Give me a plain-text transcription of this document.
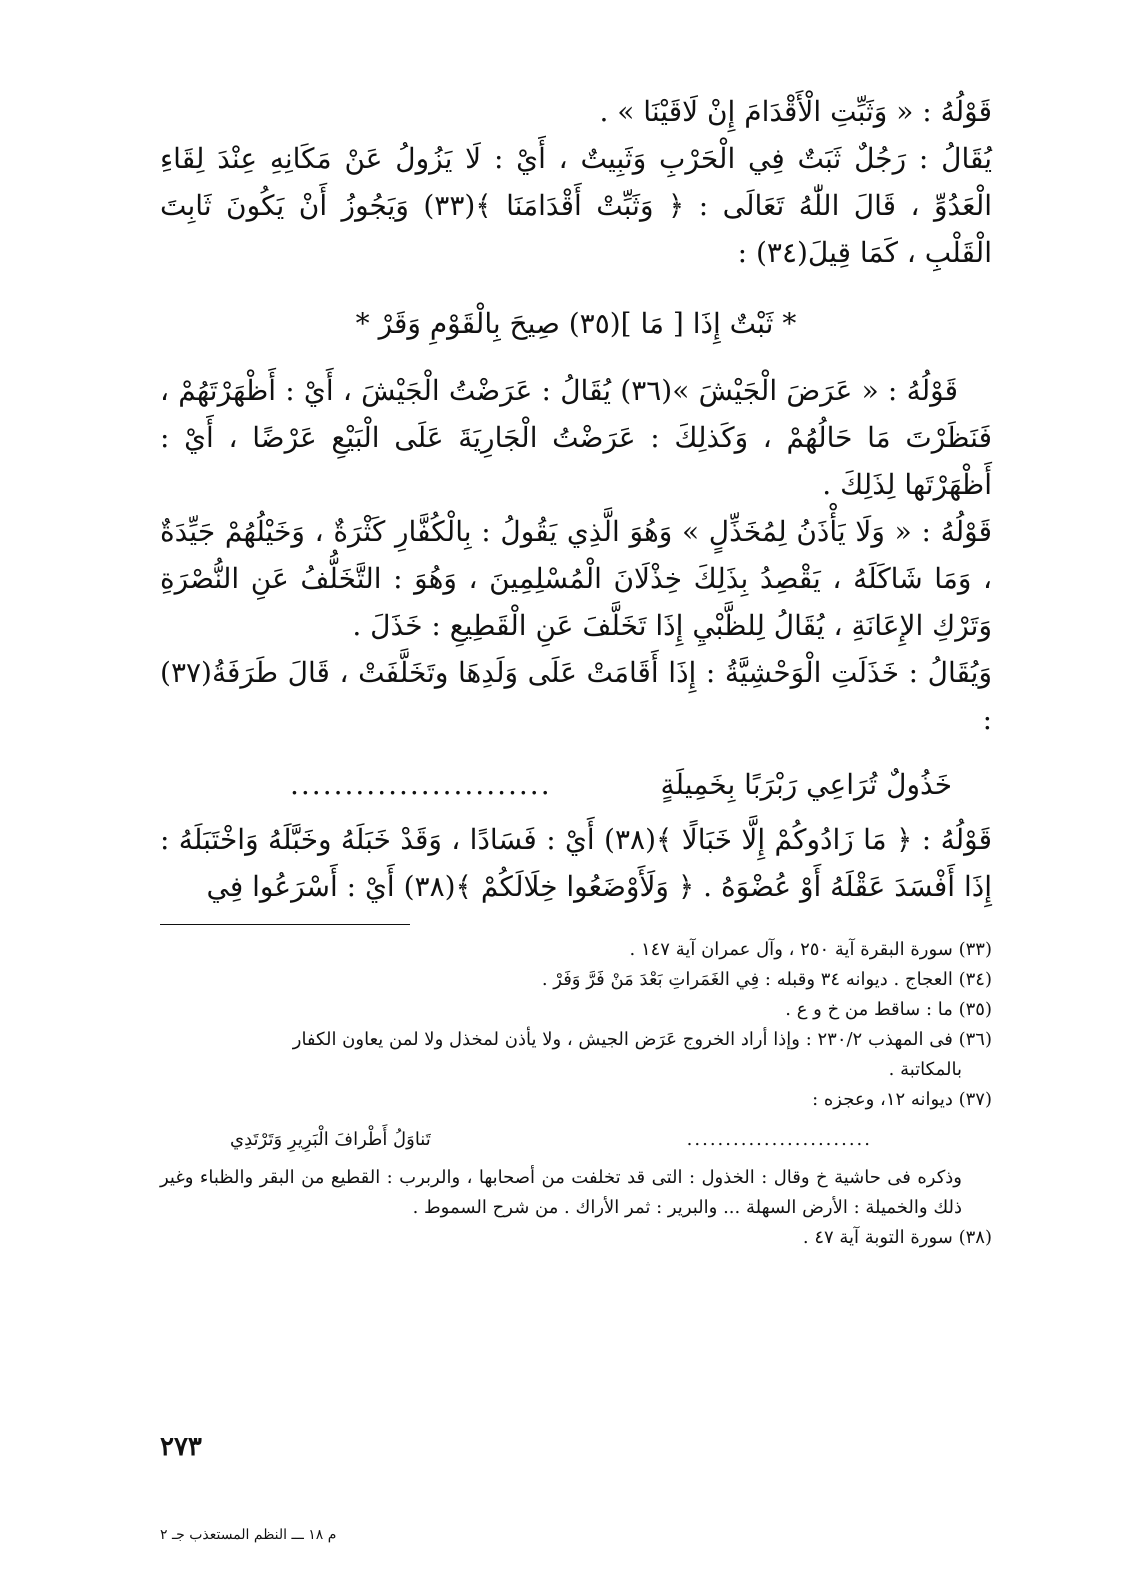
قَوْلُهُ : « وَثَبِّتِ الْأَقْدَامَ إِنْ لَاقَيْنَا » .

يُقَالُ : رَجُلٌ ثَبَتٌ فِي الْحَرْبِ وَثَبِيتٌ ، أَيْ : لَا يَزُولُ عَنْ مَكَانِهِ عِنْدَ لِقَاءِ الْعَدُوِّ ، قَالَ اللّٰهُ تَعَالَى : ﴿ وَثَبِّتْ أَقْدَامَنَا ﴾(٣٣) وَيَجُوزُ أَنْ يَكُونَ ثَابِتَ الْقَلْبِ ، كَمَا قِيلَ(٣٤) :

* ثَبْتٌ إِذَا [ مَا ](٣٥) صِيحَ بِالْقَوْمِ وَقَرْ *

قَوْلُهُ : « عَرَضَ الْجَيْشَ »(٣٦) يُقَالُ : عَرَضْتُ الْجَيْشَ ، أَيْ : أَظْهَرْتَهُمْ ، فَنَظَرْتَ مَا حَالُهُمْ ، وَكَذلِكَ : عَرَضْتُ الْجَارِيَةَ عَلَى الْبَيْعِ عَرْضًا ، أَيْ : أَظْهَرْتَها لِذَلِكَ .

قَوْلُهُ : « وَلَا يَأْذَنُ لِمُخَذِّلٍ » وَهُوَ الَّذِي يَقُولُ : بِالْكُفَّارِ كَثْرَةٌ ، وَخَيْلُهُمْ جَيِّدَةٌ ، وَمَا شَاكَلَهُ ، يَقْصِدُ بِذَلِكَ خِذْلَانَ الْمُسْلِمِينَ ، وَهُوَ : التَّخَلُّفُ عَنِ النُّصْرَةِ وَتَرْكِ الإِعَانَةِ ، يُقَالُ لِلظَّبْيِ إِذَا تَخَلَّفَ عَنِ الْقَطِيعِ : خَذَلَ .

وَيُقَالُ : خَذَلَتِ الْوَحْشِيَّةُ : إِذَا أَقَامَتْ عَلَى وَلَدِهَا وتَخَلَّفَتْ ، قَالَ طَرَفَةُ(٣٧) :

خَذُولٌ تُرَاعِي رَبْرَبًا بِخَمِيلَةٍ
........................

قَوْلُهُ : ﴿ مَا زَادُوكُمْ إِلَّا خَبَالًا ﴾(٣٨) أَيْ : فَسَادًا ، وَقَدْ خَبَلَهُ وخَبَّلَهُ وَاخْتَبَلَهُ : إِذَا أَفْسَدَ عَقْلَهُ أَوْ عُضْوَهُ . ﴿ وَلَأَوْضَعُوا خِلَالَكُمْ ﴾(٣٨) أَيْ : أَسْرَعُوا فِي

(٣٣) سورة البقرة آية ٢٥٠ ، وآل عمران آية ١٤٧ .

(٣٤) العجاج . ديوانه ٣٤ وقبله : فِي الغَمَراتِ بَعْدَ مَنْ فَرَّ وَفَرْ .

(٣٥) ما : ساقط من خ و ع .

(٣٦) فى المهذب ٢٣٠/٢ : وإذا أراد الخروج عَرَض الجيش ، ولا يأذن لمخذل ولا لمن يعاون الكفار

بالمكاتبة .

(٣٧) ديوانه ١٢، وعجزه :

........................
تَناوَلُ أَطْرافَ الْبَرِيرِ وَتَرْتَدِي

وذكره فى حاشية خ وقال : الخذول : التى قد تخلفت من أصحابها ، والربرب : القطيع من البقر والظباء وغير ذلك والخميلة : الأرض السهلة ... والبرير : ثمر الأراك . من شرح السموط .

(٣٨) سورة التوبة آية ٤٧ .

٢٧٣
م ١٨ ـــ النظم المستعذب جـ ٢
